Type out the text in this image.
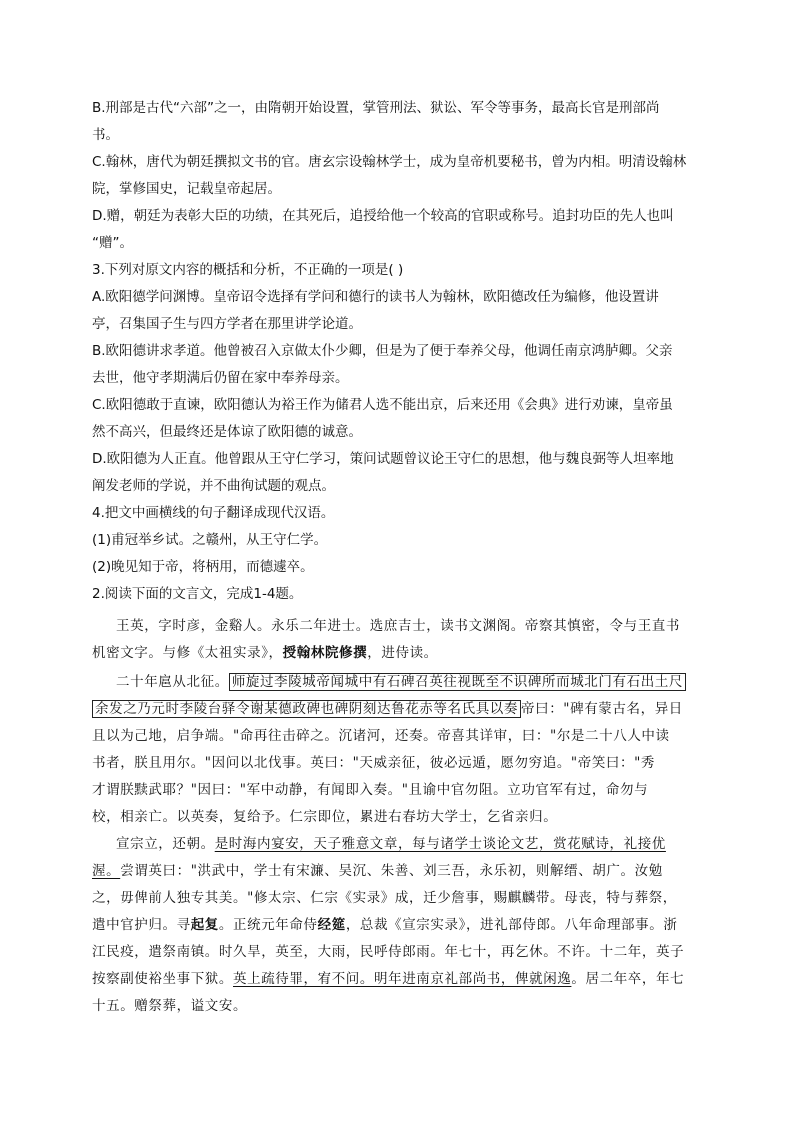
B.刑部是古代“六部”之一，由隋朝开始设置，掌管刑法、狱讼、军令等事务，最高长官是刑部尚
书。
C.翰林，唐代为朝廷撰拟文书的官。唐玄宗设翰林学士，成为皇帝机要秘书，曾为内相。明清设翰林
院，掌修国史，记载皇帝起居。
D.赠，朝廷为表彰大臣的功绩，在其死后，追授给他一个较高的官职或称号。追封功臣的先人也叫
“赠”。
3.下列对原文内容的概括和分析，不正确的一项是( )
A.欧阳德学问渊博。皇帝诏令选择有学问和德行的读书人为翰林，欧阳德改任为编修，他设置讲
亭，召集国子生与四方学者在那里讲学论道。
B.欧阳德讲求孝道。他曾被召入京做太仆少卿，但是为了便于奉养父母，他调任南京鸿胪卿。父亲
去世，他守孝期满后仍留在家中奉养母亲。
C.欧阳德敢于直谏，欧阳德认为裕王作为储君人选不能出京，后来还用《会典》进行劝谏，皇帝虽
然不高兴，但最终还是体谅了欧阳德的诚意。
D.欧阳德为人正直。他曾跟从王守仁学习，策问试题曾议论王守仁的思想，他与魏良弼等人坦率地
阐发老师的学说，并不曲徇试题的观点。
4.把文中画横线的句子翻译成现代汉语。
(1)甫冠举乡试。之赣州，从王守仁学。
(2)晚见知于帝，将柄用，而德遽卒。
2.阅读下面的文言文，完成1-4题。
王英，字时彦，金谿人。永乐二年进士。选庶吉士，读书文渊阁。帝察其慎密，令与王直书
机密文字。与修《太祖实录》，授翰林院修撰，进侍读。
二十年扈从北征。 师旋过李陵城帝闻城中有石碑召英往视既至不识碑所而城北门有石出土尺
余发之乃元时李陵台驿令谢某德政碑也碑阴刻达鲁花赤等名氏具以奏 帝曰："碑有蒙古名，异日
且以为己地，启争端。"命再往击碎之。沉诸河，还奏。帝喜其详审，曰："尔是二十八人中读
书者，朕且用尔。"因问以北伐事。英曰："天威亲征，彼必远遁，愿勿穷追。"帝笑曰："秀
才谓朕黩武耶？"因曰："军中动静，有闻即入奏。"且谕中官勿阻。立功官军有过，命勿与
校，相亲亡。以英奏，复给予。仁宗即位，累进右春坊大学士，乞省亲归。
宣宗立，还朝。是时海内宴安，天子雅意文章，每与诸学士谈论文艺，赏花赋诗，礼接优
渥。尝谓英曰："洪武中，学士有宋濂、吴沉、朱善、刘三吾，永乐初，则解缙、胡广。汝勉
之，毋俾前人独专其美。"修太宗、仁宗《实录》成，迁少詹事，赐麒麟带。母丧，特与葬祭，
遣中官护归。寻起复。正统元年命侍经筵，总裁《宣宗实录》，进礼部侍郎。八年命理部事。浙
江民疫，遣祭南镇。时久旱，英至，大雨，民呼侍郎雨。年七十，再乞休。不许。十二年，英子
按察副使裕坐事下狱。英上疏待罪，宥不问。明年进南京礼部尚书，俾就闲逸。居二年卒，年七
十五。赠祭葬，谥文安。
